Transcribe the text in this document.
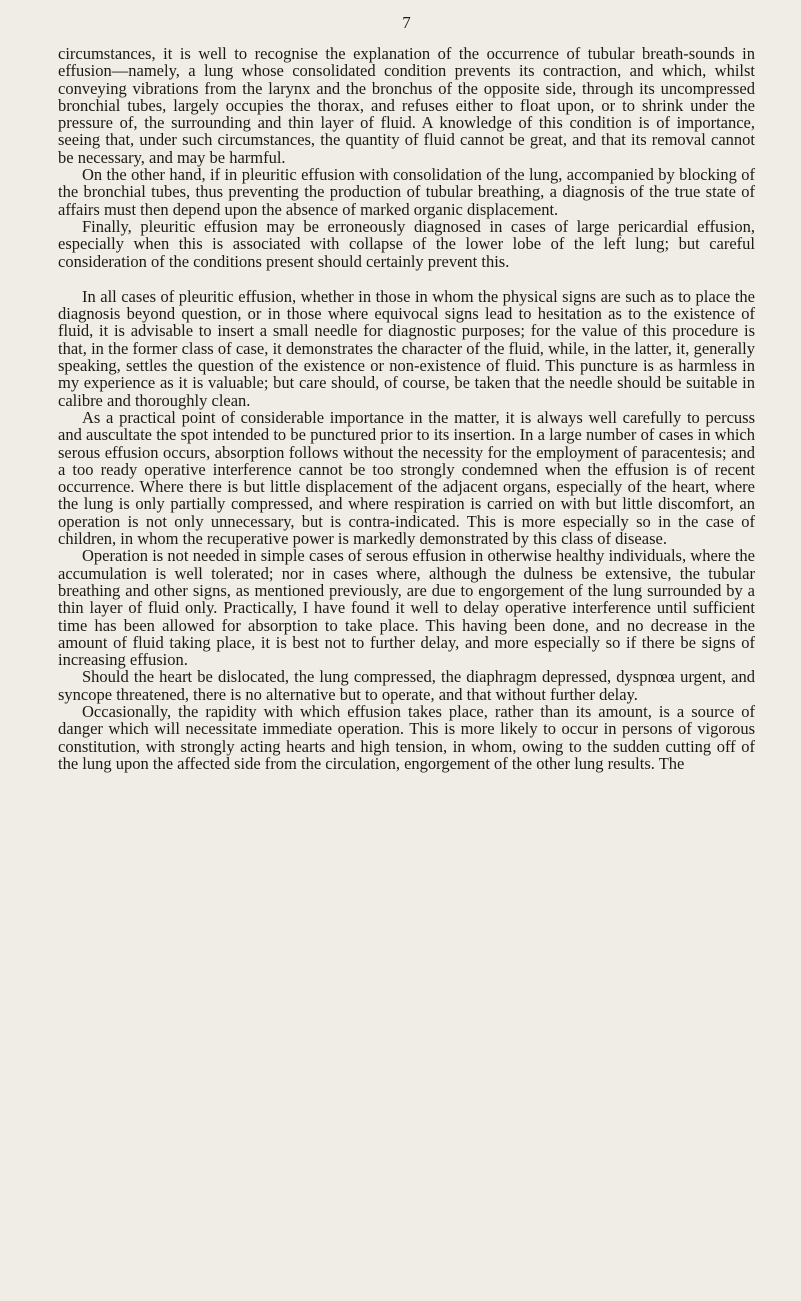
7

circumstances, it is well to recognise the explanation of the occurrence of tubular breath-sounds in effusion—namely, a lung whose consolidated condition prevents its contraction, and which, whilst conveying vibrations from the larynx and the bronchus of the opposite side, through its uncompressed bronchial tubes, largely occupies the thorax, and refuses either to float upon, or to shrink under the pressure of, the surrounding and thin layer of fluid. A knowledge of this condition is of importance, seeing that, under such circumstances, the quantity of fluid cannot be great, and that its removal cannot be necessary, and may be harmful.

On the other hand, if in pleuritic effusion with consolidation of the lung, accompanied by blocking of the bronchial tubes, thus preventing the production of tubular breathing, a diagnosis of the true state of affairs must then depend upon the absence of marked organic displacement.

Finally, pleuritic effusion may be erroneously diagnosed in cases of large pericardial effusion, especially when this is associated with collapse of the lower lobe of the left lung; but careful consideration of the conditions present should certainly prevent this.

In all cases of pleuritic effusion, whether in those in whom the physical signs are such as to place the diagnosis beyond question, or in those where equivocal signs lead to hesitation as to the existence of fluid, it is advisable to insert a small needle for diagnostic purposes; for the value of this procedure is that, in the former class of case, it demonstrates the character of the fluid, while, in the latter, it, generally speaking, settles the question of the existence or non-existence of fluid. This puncture is as harmless in my experience as it is valuable; but care should, of course, be taken that the needle should be suitable in calibre and thoroughly clean.

As a practical point of considerable importance in the matter, it is always well carefully to percuss and auscultate the spot intended to be punctured prior to its insertion. In a large number of cases in which serous effusion occurs, absorption follows without the necessity for the employment of paracentesis; and a too ready operative interference cannot be too strongly condemned when the effusion is of recent occurrence. Where there is but little displacement of the adjacent organs, especially of the heart, where the lung is only partially compressed, and where respiration is carried on with but little discomfort, an operation is not only unnecessary, but is contra-indicated. This is more especially so in the case of children, in whom the recuperative power is markedly demonstrated by this class of disease.

Operation is not needed in simple cases of serous effusion in otherwise healthy individuals, where the accumulation is well tolerated; nor in cases where, although the dulness be extensive, the tubular breathing and other signs, as mentioned previously, are due to engorgement of the lung surrounded by a thin layer of fluid only. Practically, I have found it well to delay operative interference until sufficient time has been allowed for absorption to take place. This having been done, and no decrease in the amount of fluid taking place, it is best not to further delay, and more especially so if there be signs of increasing effusion.

Should the heart be dislocated, the lung compressed, the diaphragm depressed, dyspnœa urgent, and syncope threatened, there is no alternative but to operate, and that without further delay.

Occasionally, the rapidity with which effusion takes place, rather than its amount, is a source of danger which will necessitate immediate operation. This is more likely to occur in persons of vigorous constitution, with strongly acting hearts and high tension, in whom, owing to the sudden cutting off of the lung upon the affected side from the circulation, engorgement of the other lung results. The
